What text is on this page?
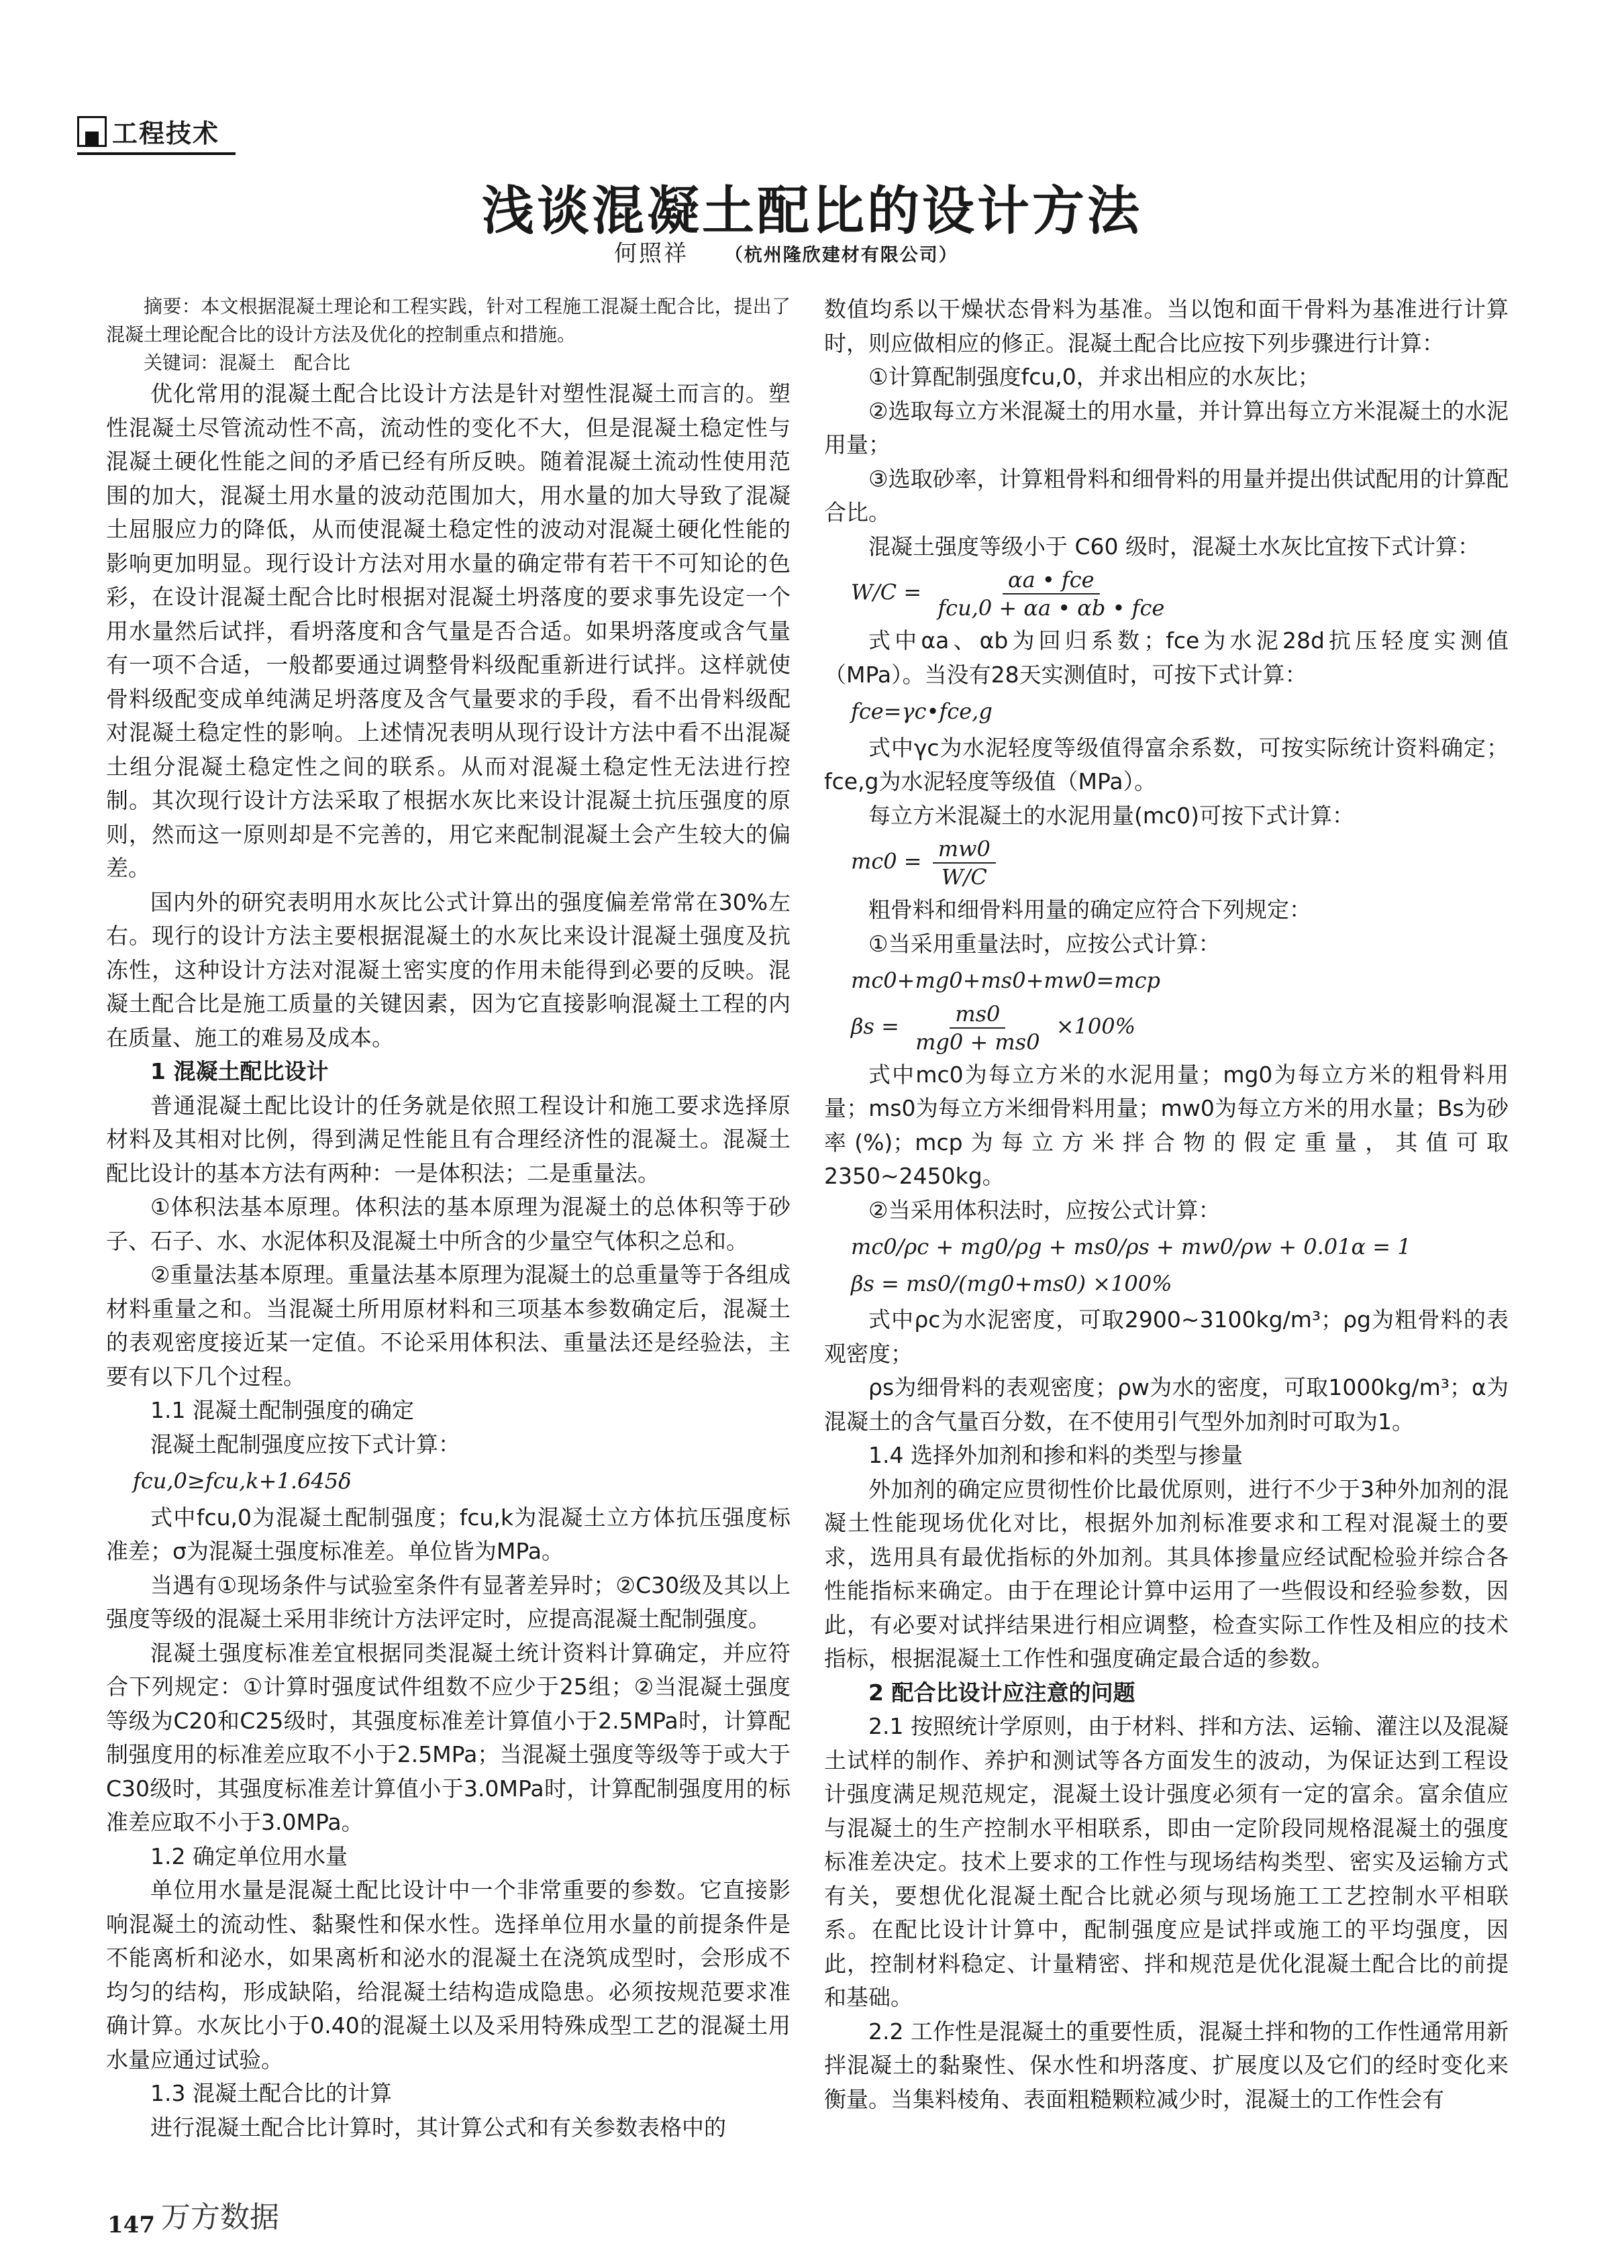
工程技术
浅谈混凝土配比的设计方法
何照祥 （杭州隆欣建材有限公司）

摘要：本文根据混凝土理论和工程实践，针对工程施工混凝土配合比，提出了混凝土理论配合比的设计方法及优化的控制重点和措施。

关键词：混凝土　配合比

优化常用的混凝土配合比设计方法是针对塑性混凝土而言的。塑性混凝土尽管流动性不高，流动性的变化不大，但是混凝土稳定性与混凝土硬化性能之间的矛盾已经有所反映。随着混凝土流动性使用范围的加大，混凝土用水量的波动范围加大，用水量的加大导致了混凝土屈服应力的降低，从而使混凝土稳定性的波动对混凝土硬化性能的影响更加明显。现行设计方法对用水量的确定带有若干不可知论的色彩，在设计混凝土配合比时根据对混凝土坍落度的要求事先设定一个用水量然后试拌，看坍落度和含气量是否合适。如果坍落度或含气量有一项不合适，一般都要通过调整骨料级配重新进行试拌。这样就使骨料级配变成单纯满足坍落度及含气量要求的手段，看不出骨料级配对混凝土稳定性的影响。上述情况表明从现行设计方法中看不出混凝土组分混凝土稳定性之间的联系。从而对混凝土稳定性无法进行控制。其次现行设计方法采取了根据水灰比来设计混凝土抗压强度的原则，然而这一原则却是不完善的，用它来配制混凝土会产生较大的偏差。

国内外的研究表明用水灰比公式计算出的强度偏差常常在30%左右。现行的设计方法主要根据混凝土的水灰比来设计混凝土强度及抗冻性，这种设计方法对混凝土密实度的作用未能得到必要的反映。混凝土配合比是施工质量的关键因素，因为它直接影响混凝土工程的内在质量、施工的难易及成本。

1 混凝土配比设计

普通混凝土配比设计的任务就是依照工程设计和施工要求选择原材料及其相对比例，得到满足性能且有合理经济性的混凝土。混凝土配比设计的基本方法有两种：一是体积法；二是重量法。

①体积法基本原理。体积法的基本原理为混凝土的总体积等于砂子、石子、水、水泥体积及混凝土中所含的少量空气体积之总和。

②重量法基本原理。重量法基本原理为混凝土的总重量等于各组成材料重量之和。当混凝土所用原材料和三项基本参数确定后，混凝土的表观密度接近某一定值。不论采用体积法、重量法还是经验法，主要有以下几个过程。

1.1 混凝土配制强度的确定

混凝土配制强度应按下式计算：

fcu,0≥fcu,k+1.645δ

式中fcu,0为混凝土配制强度；fcu,k为混凝土立方体抗压强度标准差；σ为混凝土强度标准差。单位皆为MPa。

当遇有①现场条件与试验室条件有显著差异时；②C30级及其以上强度等级的混凝土采用非统计方法评定时，应提高混凝土配制强度。

混凝土强度标准差宜根据同类混凝土统计资料计算确定，并应符合下列规定：①计算时强度试件组数不应少于25组；②当混凝土强度等级为C20和C25级时，其强度标准差计算值小于2.5MPa时，计算配制强度用的标准差应取不小于2.5MPa；当混凝土强度等级等于或大于C30级时，其强度标准差计算值小于3.0MPa时，计算配制强度用的标准差应取不小于3.0MPa。

1.2 确定单位用水量

单位用水量是混凝土配比设计中一个非常重要的参数。它直接影响混凝土的流动性、黏聚性和保水性。选择单位用水量的前提条件是不能离析和泌水，如果离析和泌水的混凝土在浇筑成型时，会形成不均匀的结构，形成缺陷，给混凝土结构造成隐患。必须按规范要求准确计算。水灰比小于0.40的混凝土以及采用特殊成型工艺的混凝土用水量应通过试验。

1.3 混凝土配合比的计算

进行混凝土配合比计算时，其计算公式和有关参数表格中的

数值均系以干燥状态骨料为基准。当以饱和面干骨料为基准进行计算时，则应做相应的修正。混凝土配合比应按下列步骤进行计算：

①计算配制强度fcu,0，并求出相应的水灰比；

②选取每立方米混凝土的用水量，并计算出每立方米混凝土的水泥用量；

③选取砂率，计算粗骨料和细骨料的用量并提出供试配用的计算配合比。

混凝土强度等级小于 C60 级时，混凝土水灰比宜按下式计算：

$W/C = \frac{\text{αa • fce}}{\text{fcu,0 + αa • αb • fce}}$

式中αa、αb为回归系数；fce为水泥28d抗压轻度实测值（MPa）。当没有28天实测值时，可按下式计算：

fce=γc•fce,g

式中γc为水泥轻度等级值得富余系数，可按实际统计资料确定；fce,g为水泥轻度等级值（MPa）。

每立方米混凝土的水泥用量(mc0)可按下式计算：

$mc0 = \frac{mw0}{W/C}$

粗骨料和细骨料用量的确定应符合下列规定：

①当采用重量法时，应按公式计算：

mc0+mg0+ms0+mw0=mcp
$\beta s = \frac{ms0}{mg0 + ms0} \times 100\%$

式中mc0为每立方米的水泥用量；mg0为每立方米的粗骨料用量；ms0为每立方米细骨料用量；mw0为每立方米的用水量；Bs为砂率(%)；mcp为每立方米拌合物的假定重量，其值可取2350~2450kg。

②当采用体积法时，应按公式计算：

mc0/ρc + mg0/ρg + ms0/ρs + mw0/ρw + 0.01α = 1
βs = ms0/(mg0+ms0) ×100%

式中ρc为水泥密度，可取2900~3100kg/m³；ρg为粗骨料的表观密度；

ρs为细骨料的表观密度；ρw为水的密度，可取1000kg/m³；α为混凝土的含气量百分数，在不使用引气型外加剂时可取为1。

1.4 选择外加剂和掺和料的类型与掺量

外加剂的确定应贯彻性价比最优原则，进行不少于3种外加剂的混凝土性能现场优化对比，根据外加剂标准要求和工程对混凝土的要求，选用具有最优指标的外加剂。其具体掺量应经试配检验并综合各性能指标来确定。由于在理论计算中运用了一些假设和经验参数，因此，有必要对试拌结果进行相应调整，检查实际工作性及相应的技术指标，根据混凝土工作性和强度确定最合适的参数。

2 配合比设计应注意的问题

2.1 按照统计学原则，由于材料、拌和方法、运输、灌注以及混凝土试样的制作、养护和测试等各方面发生的波动，为保证达到工程设计强度满足规范规定，混凝土设计强度必须有一定的富余。富余值应与混凝土的生产控制水平相联系，即由一定阶段同规格混凝土的强度标准差决定。技术上要求的工作性与现场结构类型、密实及运输方式有关，要想优化混凝土配合比就必须与现场施工工艺控制水平相联系。在配比设计计算中，配制强度应是试拌或施工的平均强度，因此，控制材料稳定、计量精密、拌和规范是优化混凝土配合比的前提和基础。

2.2 工作性是混凝土的重要性质，混凝土拌和物的工作性通常用新拌混凝土的黏聚性、保水性和坍落度、扩展度以及它们的经时变化来衡量。当集料棱角、表面粗糙颗粒减少时，混凝土的工作性会有

147 万方数据
